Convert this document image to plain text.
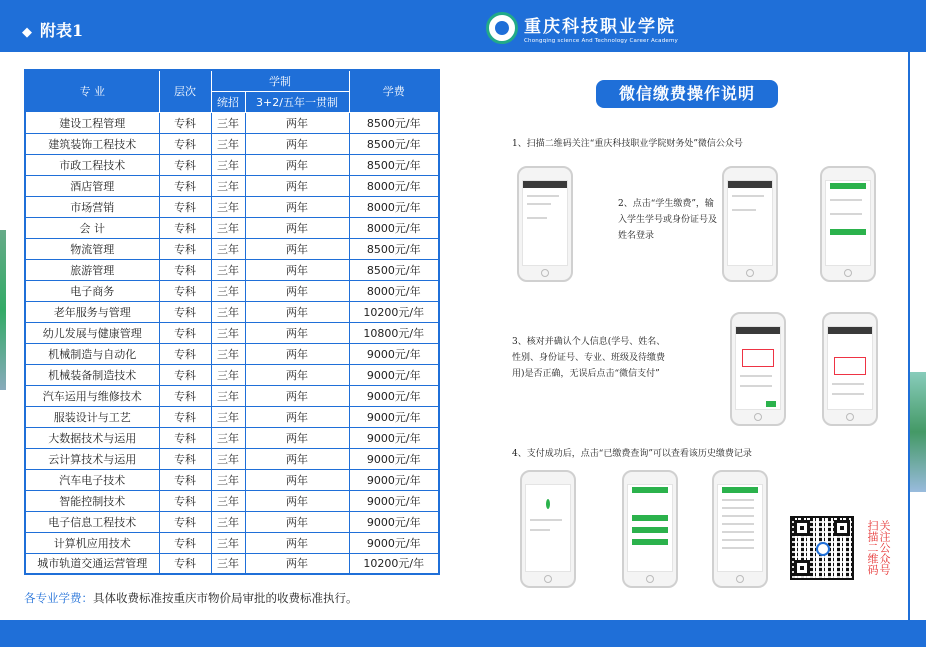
◆ 附表1	重庆科技职业学院
Chongqing science And Technology Career Academy
专 业	层次	学制		学费
		统招	3+2/五年一贯制	
建设工程管理	专科	三年	两年	8500元/年
建筑装饰工程技术	专科	三年	两年	8500元/年
市政工程技术	专科	三年	两年	8500元/年
酒店管理	专科	三年	两年	8000元/年
市场营销	专科	三年	两年	8000元/年
会 计	专科	三年	两年	8000元/年
物流管理	专科	三年	两年	8500元/年
旅游管理	专科	三年	两年	8500元/年
电子商务	专科	三年	两年	8000元/年
老年服务与管理	专科	三年	两年	10200元/年
幼儿发展与健康管理	专科	三年	两年	10800元/年
机械制造与自动化	专科	三年	两年	9000元/年
机械装备制造技术	专科	三年	两年	9000元/年
汽车运用与维修技术	专科	三年	两年	9000元/年
服装设计与工艺	专科	三年	两年	9000元/年
大数据技术与运用	专科	三年	两年	9000元/年
云计算技术与运用	专科	三年	两年	9000元/年
汽车电子技术	专科	三年	两年	9000元/年
智能控制技术	专科	三年	两年	9000元/年
电子信息工程技术	专科	三年	两年	9000元/年
计算机应用技术	专科	三年	两年	9000元/年
城市轨道交通运营管理	专科	三年	两年	10200元/年
各专业学费：具体收费标准按重庆市物价局审批的收费标准执行。
微信缴费操作说明
1、扫描二维码关注“重庆科技职业学院财务处”微信公众号
2、点击“学生缴费”，输
入学生学号或身份证号及
姓名登录
3、核对并确认个人信息(学号、姓名、
性别、身份证号、专业、班级及待缴费
用)是否正确，无误后点击“微信支付”
4、支付成功后，点击“已缴费查询”可以查看该历史缴费记录
扫描二维码 关注公众号
